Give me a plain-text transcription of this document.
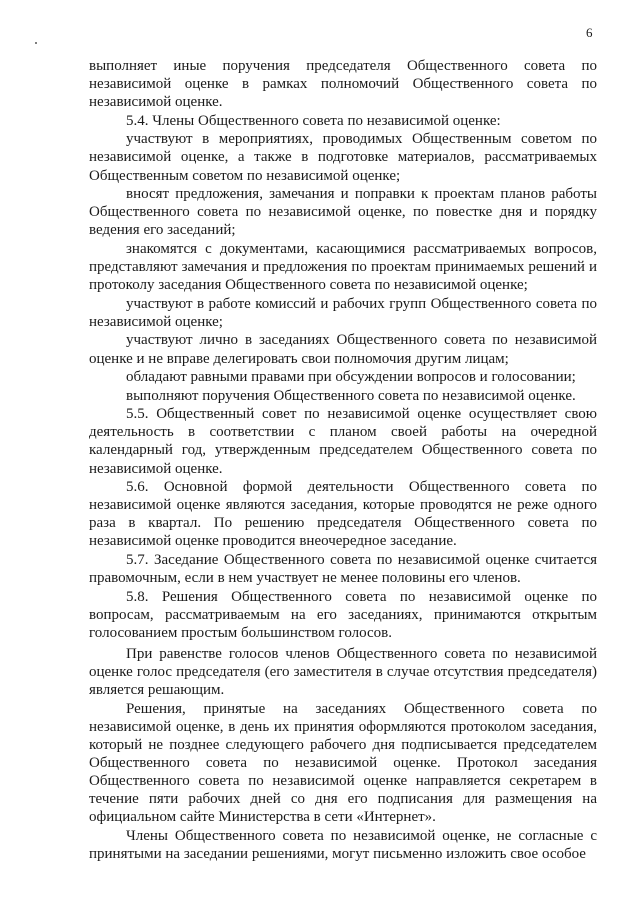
6

выполняет иные поручения председателя Общественного совета по независимой оценке в рамках полномочий Общественного совета по независимой оценке.

5.4. Члены Общественного совета по независимой оценке:

участвуют в мероприятиях, проводимых Общественным советом по независимой оценке, а также в подготовке материалов, рассматриваемых Общественным советом по независимой оценке;

вносят предложения, замечания и поправки к проектам планов работы Общественного совета по независимой оценке, по повестке дня и порядку ведения его заседаний;

знакомятся с документами, касающимися рассматриваемых вопросов, представляют замечания и предложения по проектам принимаемых решений и протоколу заседания Общественного совета по независимой оценке;

участвуют в работе комиссий и рабочих групп Общественного совета по независимой оценке;

участвуют лично в заседаниях Общественного совета по независимой оценке и не вправе делегировать свои полномочия другим лицам;

обладают равными правами при обсуждении вопросов и голосовании;

выполняют поручения Общественного совета по независимой оценке.

5.5. Общественный совет по независимой оценке осуществляет свою деятельность в соответствии с планом своей работы на очередной календарный год, утвержденным председателем Общественного совета по независимой оценке.

5.6. Основной формой деятельности Общественного совета по независимой оценке являются заседания, которые проводятся не реже одного раза в квартал. По решению председателя Общественного совета по независимой оценке проводится внеочередное заседание.

5.7. Заседание Общественного совета по независимой оценке считается правомочным, если в нем участвует не менее половины его членов.

5.8. Решения Общественного совета по независимой оценке по вопросам, рассматриваемым на его заседаниях, принимаются открытым голосованием простым большинством голосов.

При равенстве голосов членов Общественного совета по независимой оценке голос председателя (его заместителя в случае отсутствия председателя) является решающим.

Решения, принятые на заседаниях Общественного совета по независимой оценке, в день их принятия оформляются протоколом заседания, который не позднее следующего рабочего дня подписывается председателем Общественного совета по независимой оценке. Протокол заседания Общественного совета по независимой оценке направляется секретарем в течение пяти рабочих дней со дня его подписания для размещения на официальном сайте Министерства в сети «Интернет».

Члены Общественного совета по независимой оценке, не согласные с принятыми на заседании решениями, могут письменно изложить свое особое
